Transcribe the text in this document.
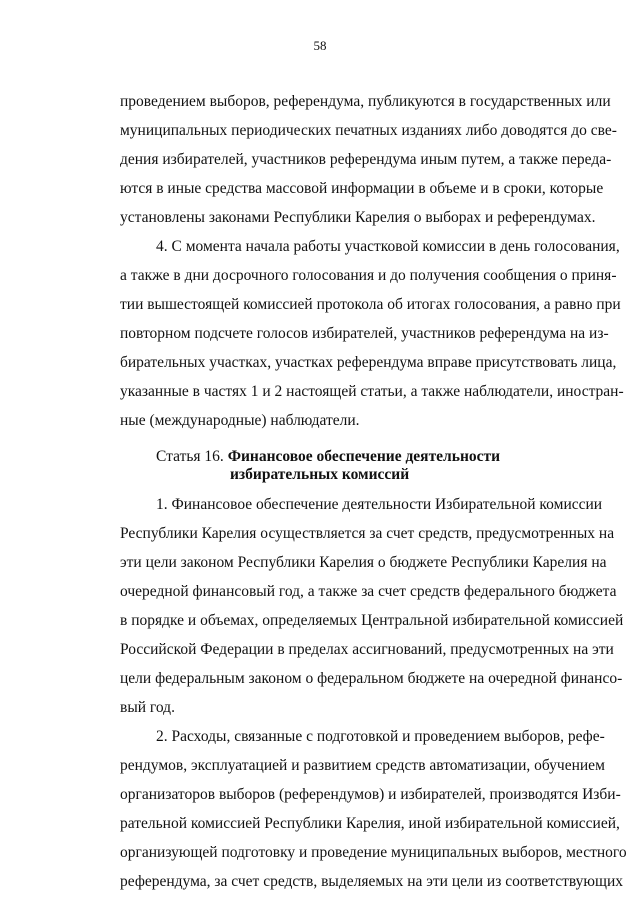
58
проведением выборов, референдума, публикуются в государственных или
муниципальных периодических печатных изданиях либо доводятся до све-
дения избирателей, участников референдума иным путем, а также переда-
ются в иные средства массовой информации в объеме и в сроки, которые
установлены законами Республики Карелия о выборах и референдумах.
4. С момента начала работы участковой комиссии в день голосования,
а также в дни досрочного голосования и до получения сообщения о приня-
тии вышестоящей комиссией протокола об итогах голосования, а равно при
повторном подсчете голосов избирателей, участников референдума на из-
бирательных участках, участках референдума вправе присутствовать лица,
указанные в частях 1 и 2 настоящей статьи, а также наблюдатели, иностран-
ные (международные) наблюдатели.
Статья 16. Финансовое обеспечение деятельности
избирательных комиссий
1. Финансовое обеспечение деятельности Избирательной комиссии
Республики Карелия осуществляется за счет средств, предусмотренных на
эти цели законом Республики Карелия о бюджете Республики Карелия на
очередной финансовый год, а также за счет средств федерального бюджета
в порядке и объемах, определяемых Центральной избирательной комиссией
Российской Федерации в пределах ассигнований, предусмотренных на эти
цели федеральным законом о федеральном бюджете на очередной финансо-
вый год.
2. Расходы, связанные с подготовкой и проведением выборов, рефе-
рендумов, эксплуатацией и развитием средств автоматизации, обучением
организаторов выборов (референдумов) и избирателей, производятся Изби-
рательной комиссией Республики Карелия, иной избирательной комиссией,
организующей подготовку и проведение муниципальных выборов, местного
референдума, за счет средств, выделяемых на эти цели из соответствующих
